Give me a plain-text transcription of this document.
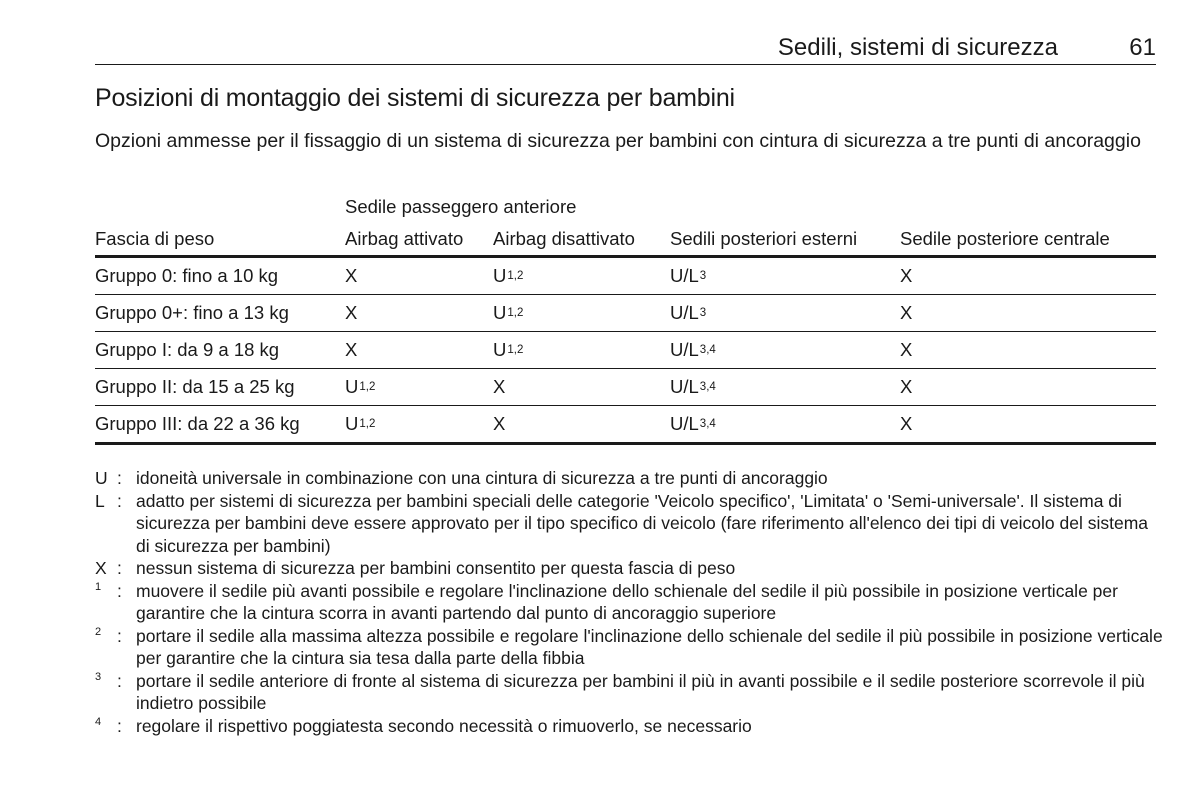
Sedili, sistemi di sicurezza	61
Posizioni di montaggio dei sistemi di sicurezza per bambini
Opzioni ammesse per il fissaggio di un sistema di sicurezza per bambini con cintura di sicurezza a tre punti di ancoraggio
Sedile passeggero anteriore
Fascia di peso	Airbag attivato	Airbag disattivato	Sedili posteriori esterni	Sedile posteriore centrale
Gruppo 0: fino a 10 kg	X	U$^{1,2}$	$U/L^3$	X
Gruppo 0+: fino a 13 kg	X	U$^{1,2}$	$U/L^3$	X
Gruppo I: da 9 a 18 kg	X	U$^{1,2}$	$U/L^{3,4}$	X
Gruppo II: da 15 a 25 kg	U$^{1,2}$	X	$U/L^{3,4}$	X
Gruppo III: da 22 a 36 kg	U$^{1,2}$	X	$U/L^{3,4}$	X
U : idoneità universale in combinazione con una cintura di sicurezza a tre punti di ancoraggio
L : adatto per sistemi di sicurezza per bambini speciali delle categorie 'Veicolo specifico', 'Limitata' o 'Semi-universale'. Il sistema di sicurezza per bambini deve essere approvato per il tipo specifico di veicolo (fare riferimento all'elenco dei tipi di veicolo del sistema di sicurezza per bambini)
X : nessun sistema di sicurezza per bambini consentito per questa fascia di peso
1 : muovere il sedile più avanti possibile e regolare l'inclinazione dello schienale del sedile il più possibile in posizione verticale per garantire che la cintura scorra in avanti partendo dal punto di ancoraggio superiore
2 : portare il sedile alla massima altezza possibile e regolare l'inclinazione dello schienale del sedile il più possibile in posizione verticale per garantire che la cintura sia tesa dalla parte della fibbia
3 : portare il sedile anteriore di fronte al sistema di sicurezza per bambini il più in avanti possibile e il sedile posteriore scorrevole il più indietro possibile
4 : regolare il rispettivo poggiatesta secondo necessità o rimuoverlo, se necessario
